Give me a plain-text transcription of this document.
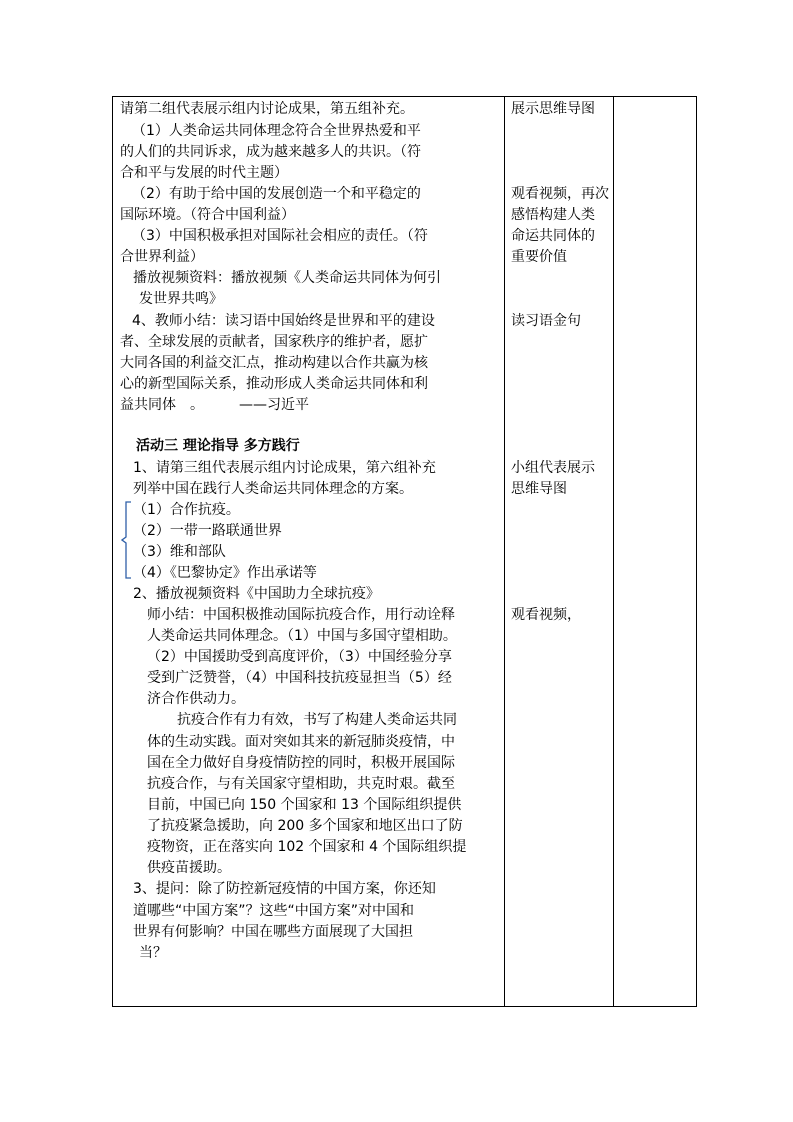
请第二组代表展示组内讨论成果，第五组补充。
（1）人类命运共同体理念符合全世界热爱和平
的人们的共同诉求，成为越来越多人的共识。（符
合和平与发展的时代主题）
（2）有助于给中国的发展创造一个和平稳定的
国际环境。（符合中国利益）
（3）中国积极承担对国际社会相应的责任。（符
合世界利益）
播放视频资料：播放视频《人类命运共同体为何引
发世界共鸣》
4、教师小结：读习语中国始终是世界和平的建设
者、全球发展的贡献者，国家秩序的维护者，愿扩
大同各国的利益交汇点，推动构建以合作共赢为核
心的新型国际关系，推动形成人类命运共同体和利
益共同体　。　　　——习近平
活动三 理论指导 多方践行
1、请第三组代表展示组内讨论成果，第六组补充
列举中国在践行人类命运共同体理念的方案。
（1）合作抗疫。
（2）一带一路联通世界
（3）维和部队
（4）《巴黎协定》作出承诺等
2、播放视频资料《中国助力全球抗疫》
师小结：中国积极推动国际抗疫合作，用行动诠释
人类命运共同体理念。（1）中国与多国守望相助。
（2）中国援助受到高度评价，（3）中国经验分享
受到广泛赞誉，（4）中国科技抗疫显担当（5）经
济合作供动力。
抗疫合作有力有效，书写了构建人类命运共同
体的生动实践。面对突如其来的新冠肺炎疫情，中
国在全力做好自身疫情防控的同时，积极开展国际
抗疫合作，与有关国家守望相助，共克时艰。截至
目前，中国已向 150 个国家和 13 个国际组织提供
了抗疫紧急援助，向 200 多个国家和地区出口了防
疫物资，正在落实向 102 个国家和 4 个国际组织提
供疫苗援助。
3、提问：除了防控新冠疫情的中国方案，你还知
道哪些“中国方案”？这些“中国方案”对中国和
世界有何影响？中国在哪些方面展现了大国担
当？
展示思维导图
观看视频，再次
感悟构建人类
命运共同体的
重要价值
读习语金句
小组代表展示
思维导图
观看视频，
